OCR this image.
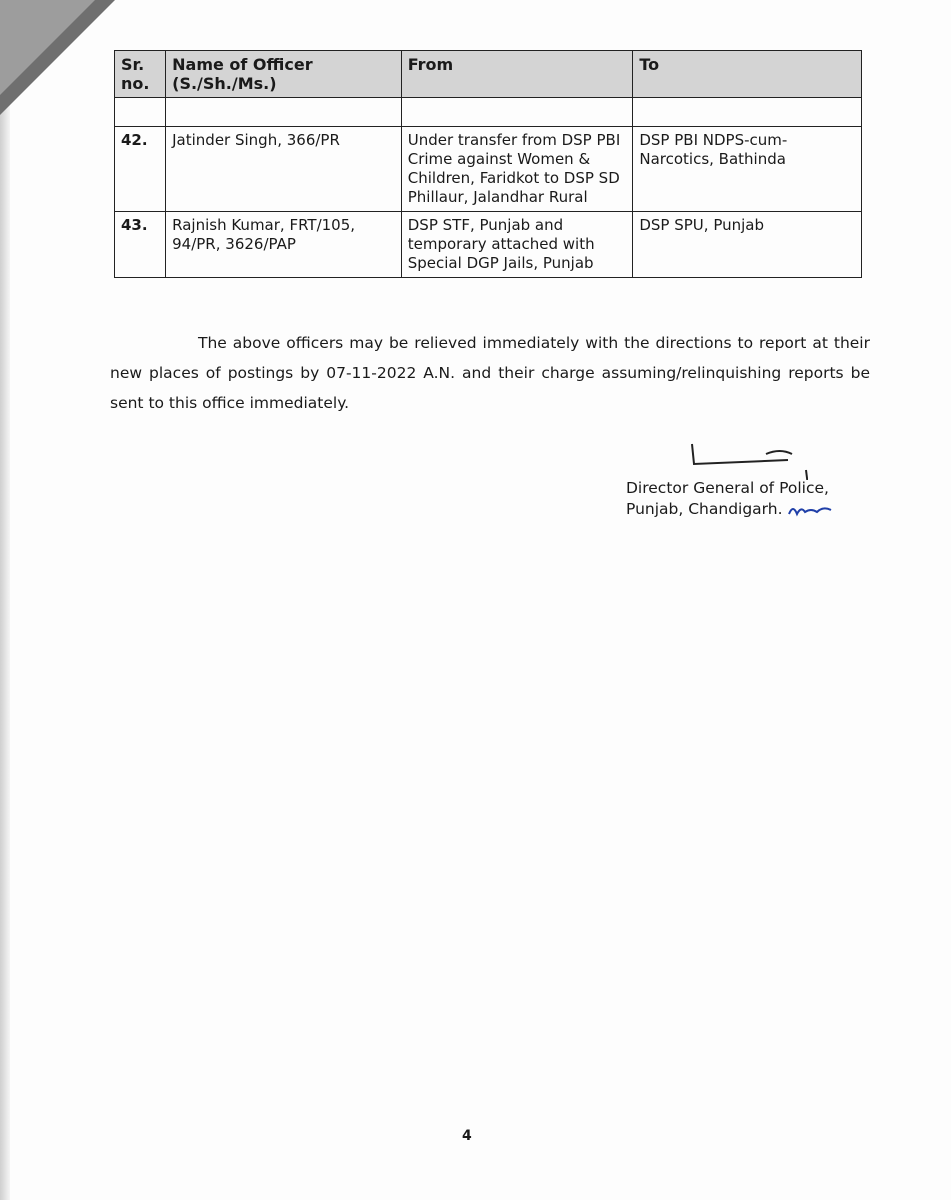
Sr. no.	Name of Officer (S./Sh./Ms.)	From	To

42.	Jatinder Singh, 366/PR	Under transfer from DSP PBI Crime against Women & Children, Faridkot to DSP SD Phillaur, Jalandhar Rural	DSP PBI NDPS-cum-Narcotics, Bathinda
43.	Rajnish Kumar, FRT/105, 94/PR, 3626/PAP	DSP STF, Punjab and temporary attached with Special DGP Jails, Punjab	DSP SPU, Punjab
The above officers may be relieved immediately with the directions to report at their new places of postings by 07-11-2022 A.N. and their charge assuming/relinquishing reports be sent to this office immediately.
Director General of Police,
Punjab, Chandigarh.
4
